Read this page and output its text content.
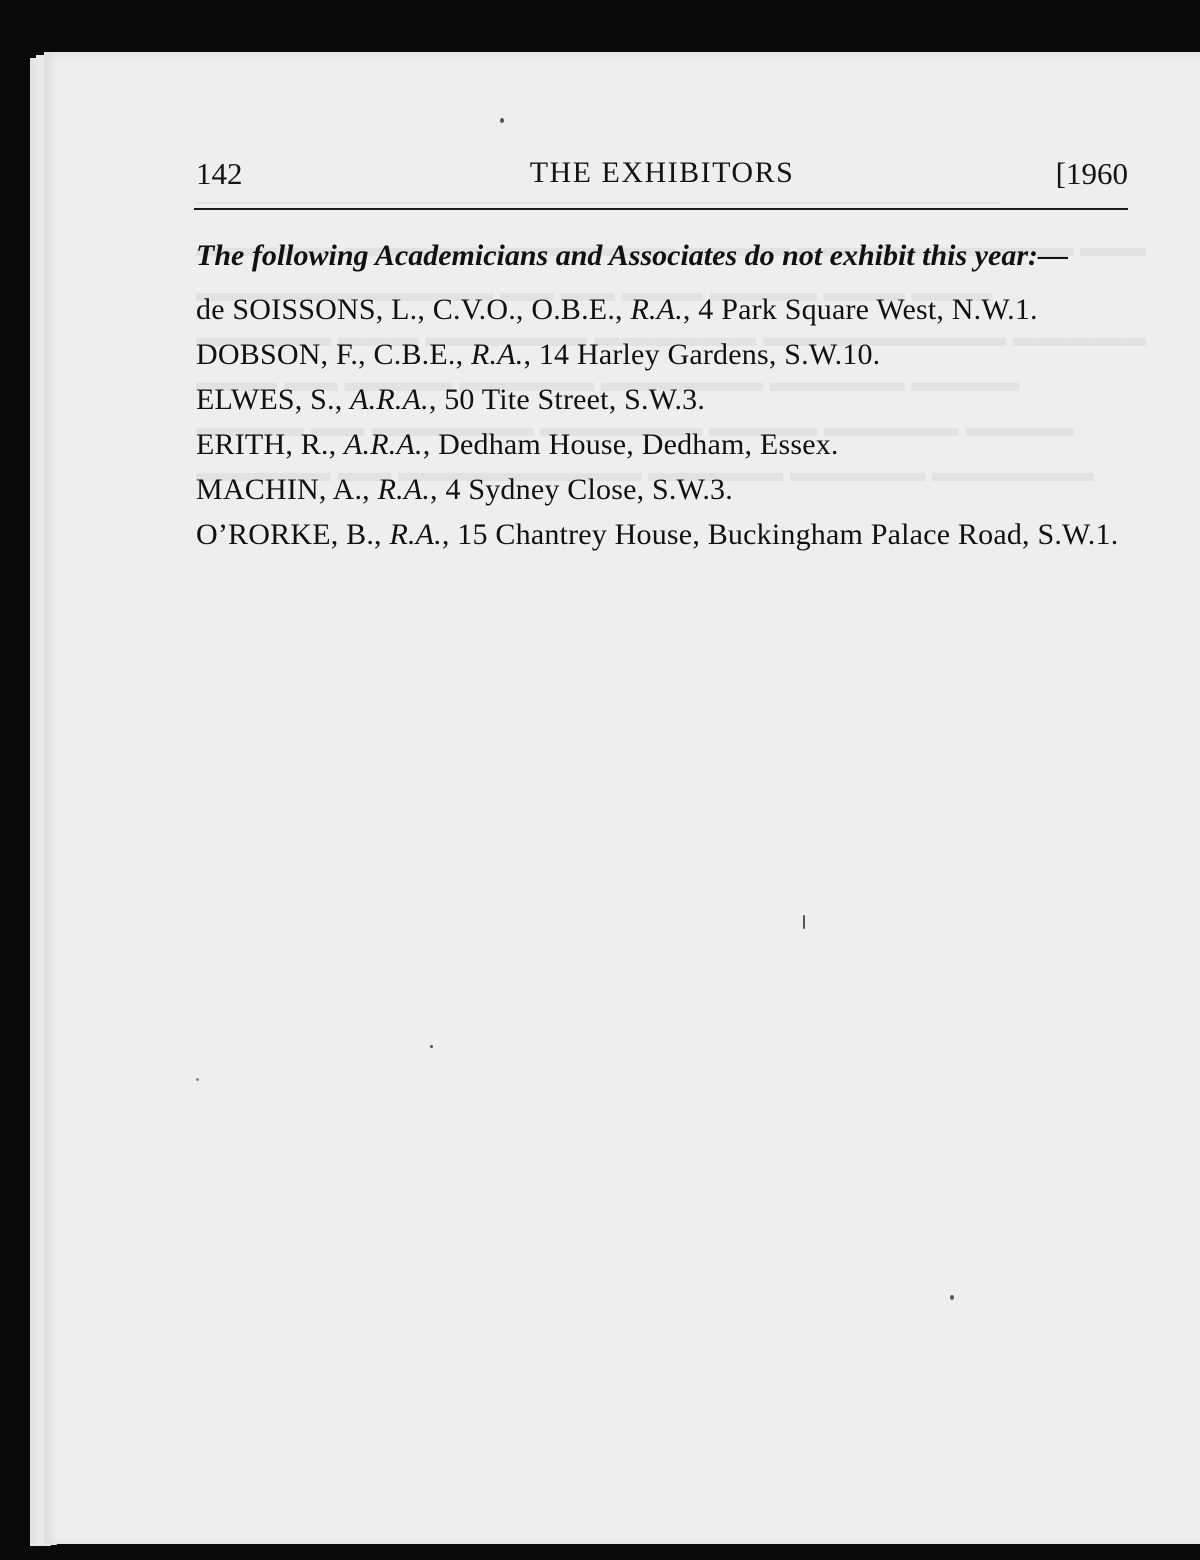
142	THE EXHIBITORS	[1960

The following Academicians and Associates do not exhibit this year:—

de SOISSONS, L., C.V.O., O.B.E., R.A., 4 Park Square West, N.W.1.

DOBSON, F., C.B.E., R.A., 14 Harley Gardens, S.W.10.

ELWES, S., A.R.A., 50 Tite Street, S.W.3.

ERITH, R., A.R.A., Dedham House, Dedham, Essex.

MACHIN, A., R.A., 4 Sydney Close, S.W.3.

O’RORKE, B., R.A., 15 Chantrey House, Buckingham Palace Road, S.W.1.
